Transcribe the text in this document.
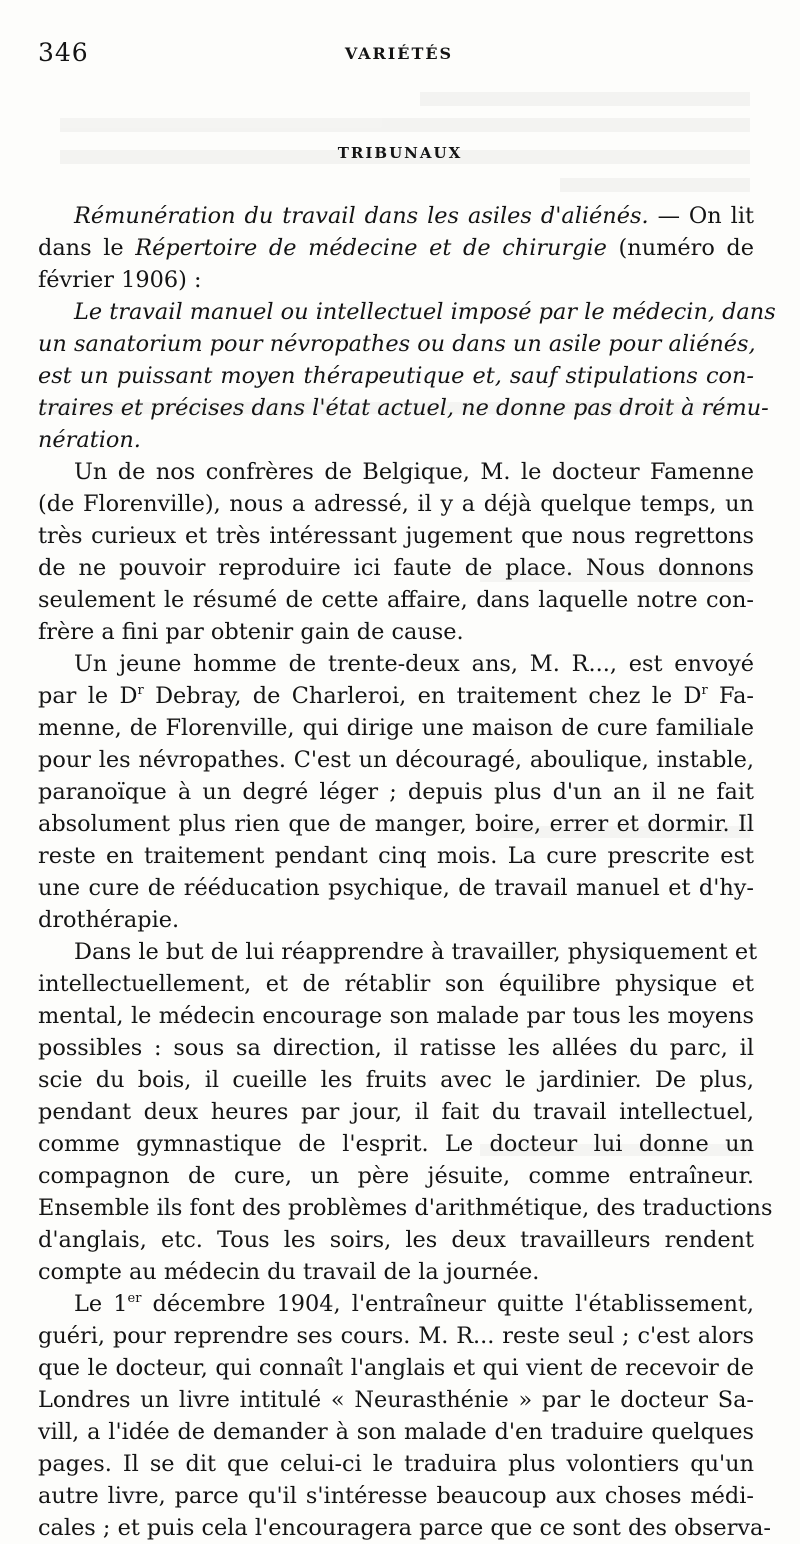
346	VARIÉTÉS
TRIBUNAUX
Rémunération du travail dans les asiles d'aliénés. — On lit
dans le Répertoire de médecine et de chirurgie (numéro de
février 1906) :
Le travail manuel ou intellectuel imposé par le médecin, dans
un sanatorium pour névropathes ou dans un asile pour aliénés,
est un puissant moyen thérapeutique et, sauf stipulations con-
traires et précises dans l'état actuel, ne donne pas droit à rému-
nération.
Un de nos confrères de Belgique, M. le docteur Famenne
(de Florenville), nous a adressé, il y a déjà quelque temps, un
très curieux et très intéressant jugement que nous regrettons
de ne pouvoir reproduire ici faute de place. Nous donnons
seulement le résumé de cette affaire, dans laquelle notre con-
frère a fini par obtenir gain de cause.
Un jeune homme de trente-deux ans, M. R..., est envoyé
par le $D^r$ Debray, de Charleroi, en traitement chez le $D^r$ Fa-
menne, de Florenville, qui dirige une maison de cure familiale
pour les névropathes. C'est un découragé, aboulique, instable,
paranoïque à un degré léger ; depuis plus d'un an il ne fait
absolument plus rien que de manger, boire, errer et dormir. Il
reste en traitement pendant cinq mois. La cure prescrite est
une cure de rééducation psychique, de travail manuel et d'hy-
drothérapie.
Dans le but de lui réapprendre à travailler, physiquement et
intellectuellement, et de rétablir son équilibre physique et
mental, le médecin encourage son malade par tous les moyens
possibles : sous sa direction, il ratisse les allées du parc, il
scie du bois, il cueille les fruits avec le jardinier. De plus,
pendant deux heures par jour, il fait du travail intellectuel,
comme gymnastique de l'esprit. Le docteur lui donne un
compagnon de cure, un père jésuite, comme entraîneur.
Ensemble ils font des problèmes d'arithmétique, des traductions
d'anglais, etc. Tous les soirs, les deux travailleurs rendent
compte au médecin du travail de la journée.
Le 1er décembre 1904, l'entraîneur quitte l'établissement,
guéri, pour reprendre ses cours. M. R... reste seul ; c'est alors
que le docteur, qui connaît l'anglais et qui vient de recevoir de
Londres un livre intitulé « Neurasthénie » par le docteur Sa-
vill, a l'idée de demander à son malade d'en traduire quelques
pages. Il se dit que celui-ci le traduira plus volontiers qu'un
autre livre, parce qu'il s'intéresse beaucoup aux choses médi-
cales ; et puis cela l'encouragera parce que ce sont des observa-
